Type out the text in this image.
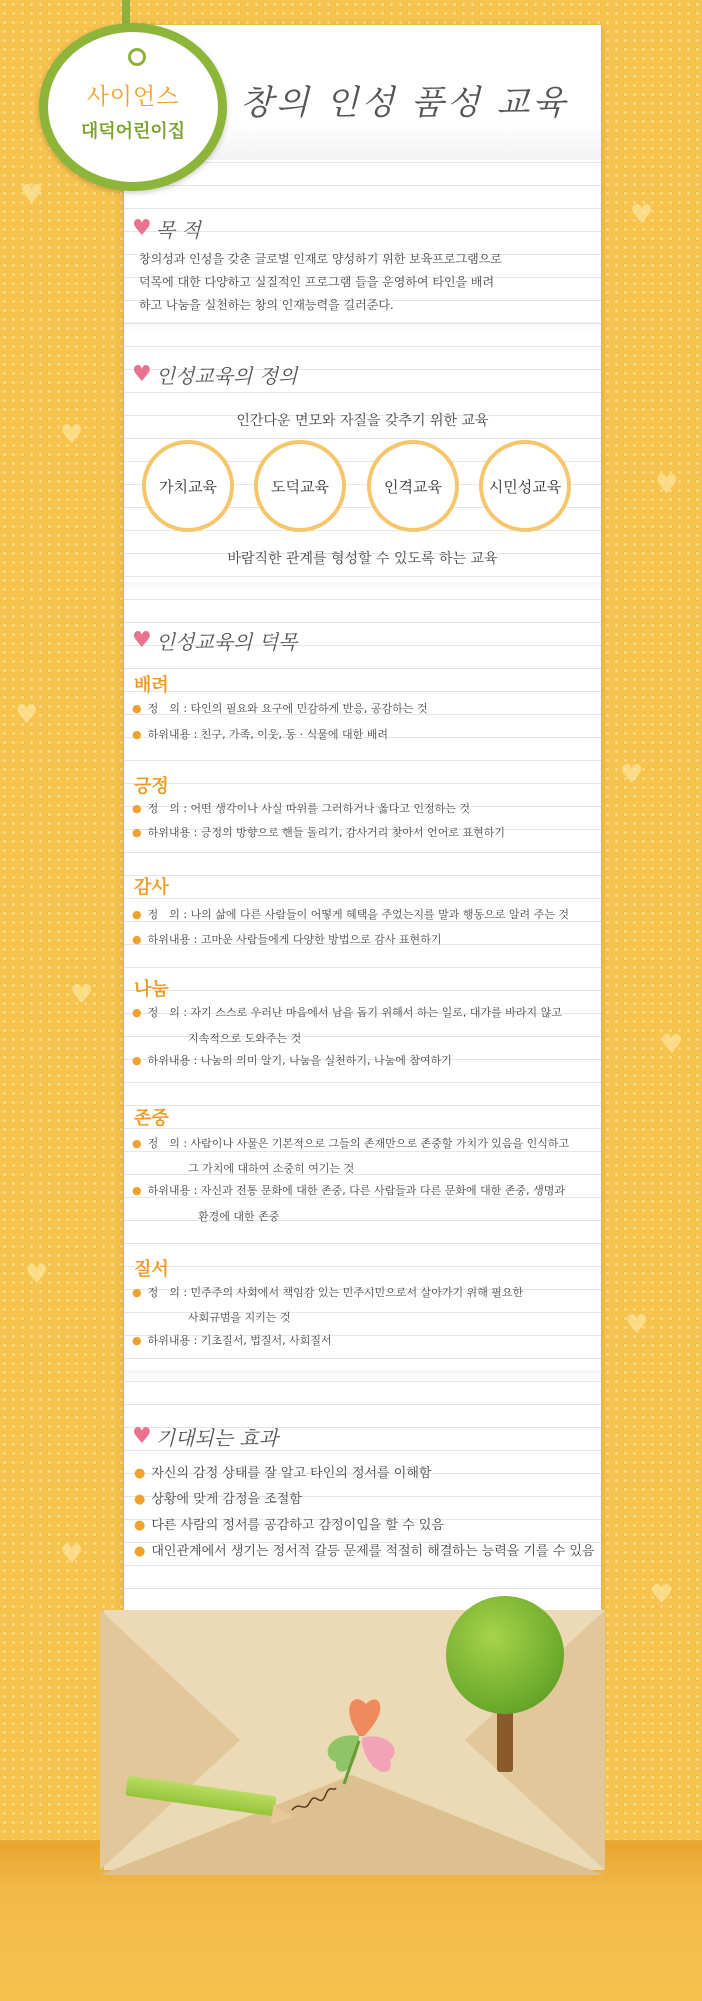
♥
♥
♥
♥
♥
♥
♥
♥
♥
♥
♥
♥
사이언스
대덕어린이집
창의 인성 품성 교육
♥ 목 적
창의성과 인성을 갖춘 글로벌 인재로 양성하기 위한 보육프로그램으로
덕목에 대한 다양하고 실질적인 프로그램 들을 운영하여 타인을 배려
하고 나눔을 실천하는 창의 인재능력을 길러준다.
♥ 인성교육의 정의
인간다운 면모와 자질을 갖추기 위한 교육
가치교육	도덕교육	인격교육	시민성교육
바람직한 관계를 형성할 수 있도록 하는 교육
♥ 인성교육의 덕목
배려
● 정　의 : 타인의 필요와 요구에 민감하게 반응, 공감하는 것
● 하위내용 : 친구, 가족, 이웃, 동 · 식물에 대한 배려
긍정
● 정　의 : 어떤 생각이나 사실 따위를 그러하거나 옳다고 인정하는 것
● 하위내용 : 긍정의 방향으로 핸들 돌리기, 감사거리 찾아서 언어로 표현하기
감사
● 정　의 : 나의 삶에 다른 사람들이 어떻게 혜택을 주었는지를 말과 행동으로 알려 주는 것
● 하위내용 : 고마운 사람들에게 다양한 방법으로 감사 표현하기
나눔
● 정　의 : 자기 스스로 우러난 마음에서 남을 돕기 위해서 하는 일로, 대가를 바라지 않고
지속적으로 도와주는 것
● 하위내용 : 나눔의 의미 알기, 나눔을 실천하기, 나눔에 참여하기
존중
● 정　의 : 사람이나 사물은 기본적으로 그들의 존재만으로 존중할 가치가 있음을 인식하고
그 가치에 대하여 소중히 여기는 것
● 하위내용 : 자신과 전통 문화에 대한 존중, 다른 사람들과 다른 문화에 대한 존중, 생명과
환경에 대한 존중
질서
● 정　의 : 민주주의 사회에서 책임감 있는 민주시민으로서 살아가기 위해 필요한
사회규범을 지키는 것
● 하위내용 : 기초질서, 법질서, 사회질서
♥ 기대되는 효과
● 자신의 감정 상태를 잘 알고 타인의 정서를 이해함
● 상황에 맞게 감정을 조절함
● 다른 사람의 정서를 공감하고 감정이입을 할 수 있음
● 대인관계에서 생기는 정서적 갈등 문제를 적절히 해결하는 능력을 기를 수 있음
